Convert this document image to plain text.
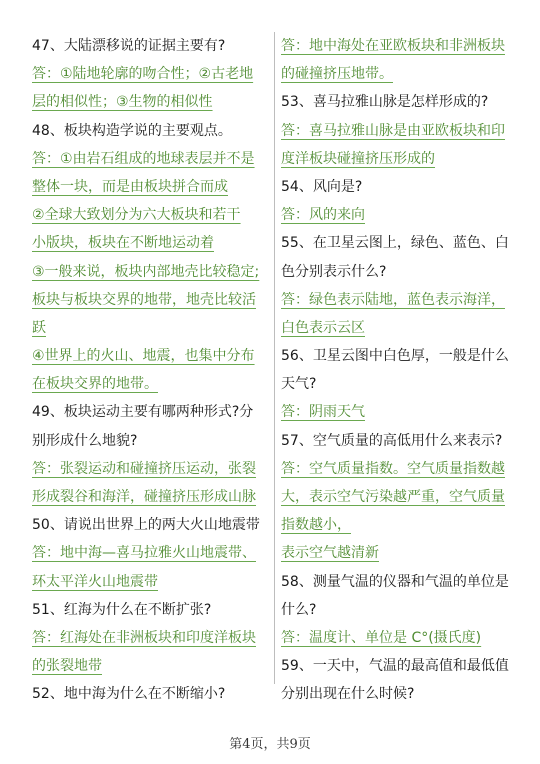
47、大陆漂移说的证据主要有?
答：①陆地轮廓的吻合性；②古老地
层的相似性；③生物的相似性
48、板块构造学说的主要观点。
答：①由岩石组成的地球表层并不是
整体一块，而是由板块拼合而成
②全球大致划分为六大板块和若干
小版块，板块在不断地运动着
③一般来说，板块内部地壳比较稳定;
板块与板块交界的地带，地壳比较活
跃
④世界上的火山、地震，也集中分布
在板块交界的地带。
49、板块运动主要有哪两种形式?分
别形成什么地貌?
答：张裂运动和碰撞挤压运动，张裂
形成裂谷和海洋，碰撞挤压形成山脉
50、请说出世界上的两大火山地震带
答：地中海—喜马拉雅火山地震带、
环太平洋火山地震带
51、红海为什么在不断扩张?
答：红海处在非洲板块和印度洋板块
的张裂地带
52、地中海为什么在不断缩小?
答：地中海处在亚欧板块和非洲板块
的碰撞挤压地带。
53、喜马拉雅山脉是怎样形成的?
答：喜马拉雅山脉是由亚欧板块和印
度洋板块碰撞挤压形成的
54、风向是?
答：风的来向
55、在卫星云图上，绿色、蓝色、白
色分别表示什么?
答：绿色表示陆地，蓝色表示海洋，
白色表示云区
56、卫星云图中白色厚，一般是什么
天气?
答：阴雨天气
57、空气质量的高低用什么来表示?
答：空气质量指数。空气质量指数越
大，表示空气污染越严重，空气质量
指数越小，
表示空气越清新
58、测量气温的仪器和气温的单位是
什么?
答：温度计、单位是 C°(摄氏度)
59、一天中，气温的最高值和最低值
分别出现在什么时候?
第4页，共9页
